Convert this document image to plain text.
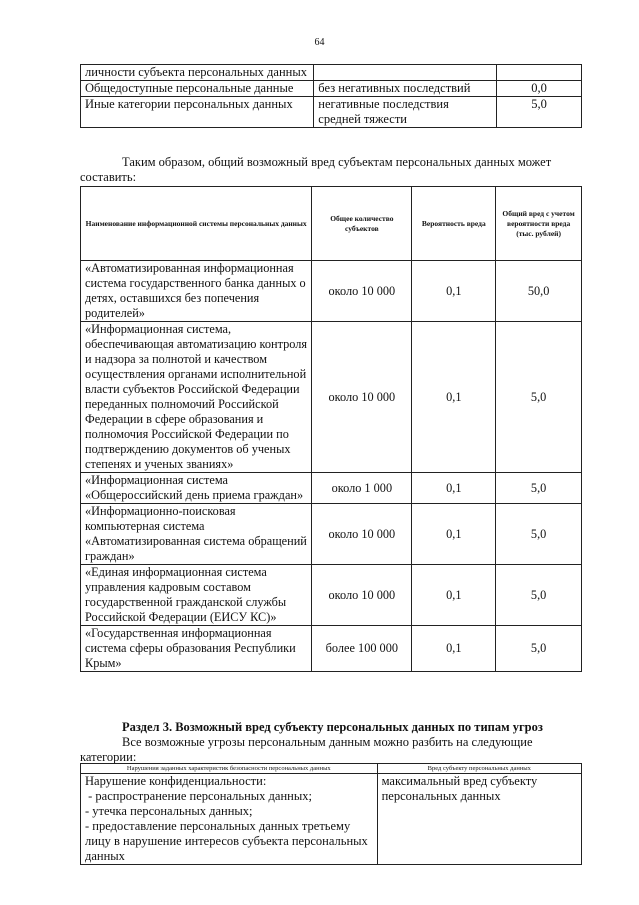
64
личности субъекта персональных данных		
Общедоступные персональные данные	без негативных последствий	0,0
Иные категории персональных данных	негативные последствия средней тяжести	5,0
Таким образом, общий возможный вред субъектам персональных данных может составить:
Наименование информационной системы персональных данных	Общее количество субъектов	Вероятность вреда	Общий вред с учетом вероятности вреда (тыс. рублей)
«Автоматизированная информационная система государственного банка данных о детях, оставшихся без попечения родителей»	около 10 000	0,1	50,0
«Информационная система, обеспечивающая автоматизацию контроля и надзора за полнотой и качеством осуществления органами исполнительной власти субъектов Российской Федерации переданных полномочий Российской Федерации в сфере образования и полномочия Российской Федерации по подтверждению документов об ученых степенях и ученых званиях»	около 10 000	0,1	5,0
«Информационная система «Общероссийский день приема граждан»	около 1 000	0,1	5,0
«Информационно-поисковая компьютерная система «Автоматизированная система обращений граждан»	около 10 000	0,1	5,0
«Единая информационная система управления кадровым составом государственной гражданской службы Российской Федерации (ЕИСУ КС)»	около 10 000	0,1	5,0
«Государственная информационная система сферы образования Республики Крым»	более 100 000	0,1	5,0
Раздел 3. Возможный вред субъекту персональных данных по типам угроз
Все возможные угрозы персональным данным можно разбить на следующие категории:
Нарушения заданных характеристик безопасности персональных данных	Вред субъекту персональных данных

Нарушение конфиденциальности:
- распространение персональных данных;
- утечка персональных данных;
- предоставление персональных данных третьему лицу в нарушение интересов субъекта персональных данных	максимальный вред субъекту персональных данных
